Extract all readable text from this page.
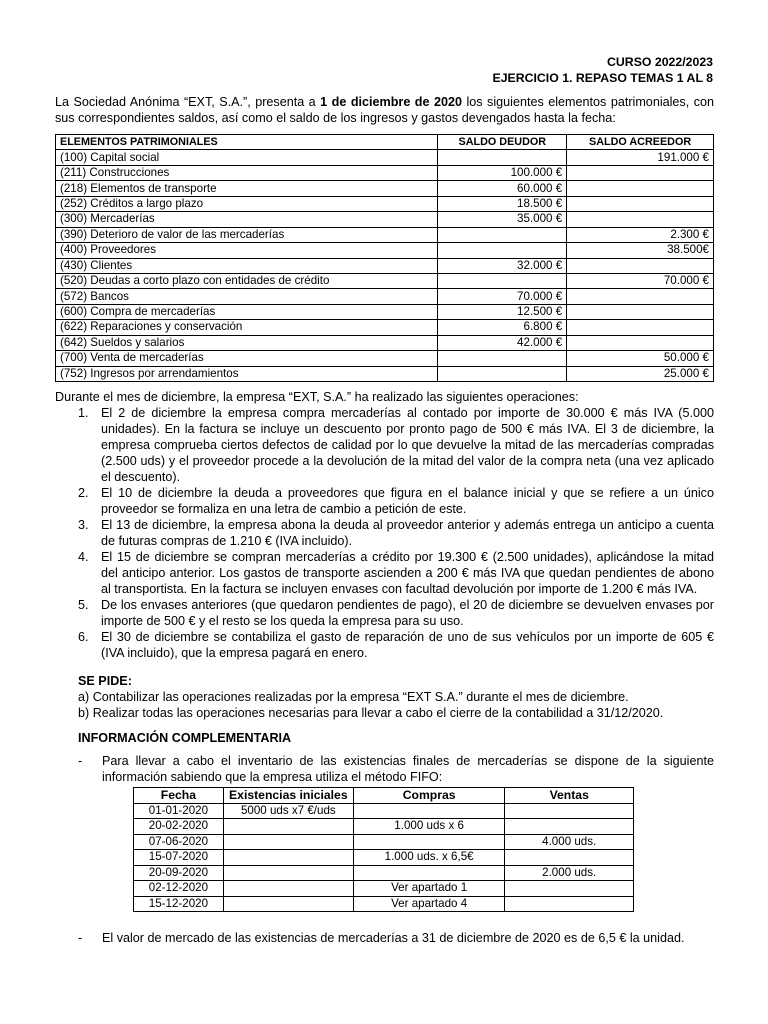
CURSO 2022/2023
EJERCICIO 1. REPASO TEMAS 1 AL 8
La Sociedad Anónima “EXT, S.A.”, presenta a 1 de diciembre de 2020 los siguientes elementos patrimoniales, con sus correspondientes saldos, así como el saldo de los ingresos y gastos devengados hasta la fecha:
ELEMENTOS PATRIMONIALES	SALDO DEUDOR	SALDO ACREEDOR
(100) Capital social		191.000 €
(211) Construcciones	100.000 €	
(218) Elementos de transporte	60.000 €	
(252) Créditos a largo plazo	18.500 €	
(300) Mercaderías	35.000 €	
(390) Deterioro de valor de las mercaderías		2.300 €
(400) Proveedores		38.500€
(430) Clientes	32.000 €	
(520) Deudas a corto plazo con entidades de crédito		70.000 €
(572) Bancos	70.000 €	
(600) Compra de mercaderías	12.500 €	
(622) Reparaciones y conservación	6.800 €	
(642) Sueldos y salarios	42.000 €	
(700) Venta de mercaderías		50.000 €
(752) Ingresos por arrendamientos		25.000 €
Durante el mes de diciembre, la empresa “EXT, S.A.” ha realizado las siguientes operaciones:
1. El 2 de diciembre la empresa compra mercaderías al contado por importe de 30.000 € más IVA (5.000 unidades). En la factura se incluye un descuento por pronto pago de 500 € más IVA. El 3 de diciembre, la empresa comprueba ciertos defectos de calidad por lo que devuelve la mitad de las mercaderías compradas (2.500 uds) y el proveedor procede a la devolución de la mitad del valor de la compra neta (una vez aplicado el descuento).
2. El 10 de diciembre la deuda a proveedores que figura en el balance inicial y que se refiere a un único proveedor se formaliza en una letra de cambio a petición de este.
3. El 13 de diciembre, la empresa abona la deuda al proveedor anterior y además entrega un anticipo a cuenta de futuras compras de 1.210 € (IVA incluido).
4. El 15 de diciembre se compran mercaderías a crédito por 19.300 € (2.500 unidades), aplicándose la mitad del anticipo anterior. Los gastos de transporte ascienden a 200 € más IVA que quedan pendientes de abono al transportista. En la factura se incluyen envases con facultad devolución por importe de 1.200 € más IVA.
5. De los envases anteriores (que quedaron pendientes de pago), el 20 de diciembre se devuelven envases por importe de 500 € y el resto se los queda la empresa para su uso.
6. El 30 de diciembre se contabiliza el gasto de reparación de uno de sus vehículos por un importe de 605 € (IVA incluido), que la empresa pagará en enero.
SE PIDE:
a) Contabilizar las operaciones realizadas por la empresa “EXT S.A.” durante el mes de diciembre.
b) Realizar todas las operaciones necesarias para llevar a cabo el cierre de la contabilidad a 31/12/2020.
INFORMACIÓN COMPLEMENTARIA
- Para llevar a cabo el inventario de las existencias finales de mercaderías se dispone de la siguiente información sabiendo que la empresa utiliza el método FIFO:
Fecha	Existencias iniciales	Compras	Ventas
01-01-2020	5000 uds x7 €/uds		
20-02-2020		1.000 uds x 6	
07-06-2020			4.000 uds.
15-07-2020		1.000 uds. x 6,5€	
20-09-2020			2.000 uds.
02-12-2020		Ver apartado 1	
15-12-2020		Ver apartado 4	
- El valor de mercado de las existencias de mercaderías a 31 de diciembre de 2020 es de 6,5 € la unidad.
